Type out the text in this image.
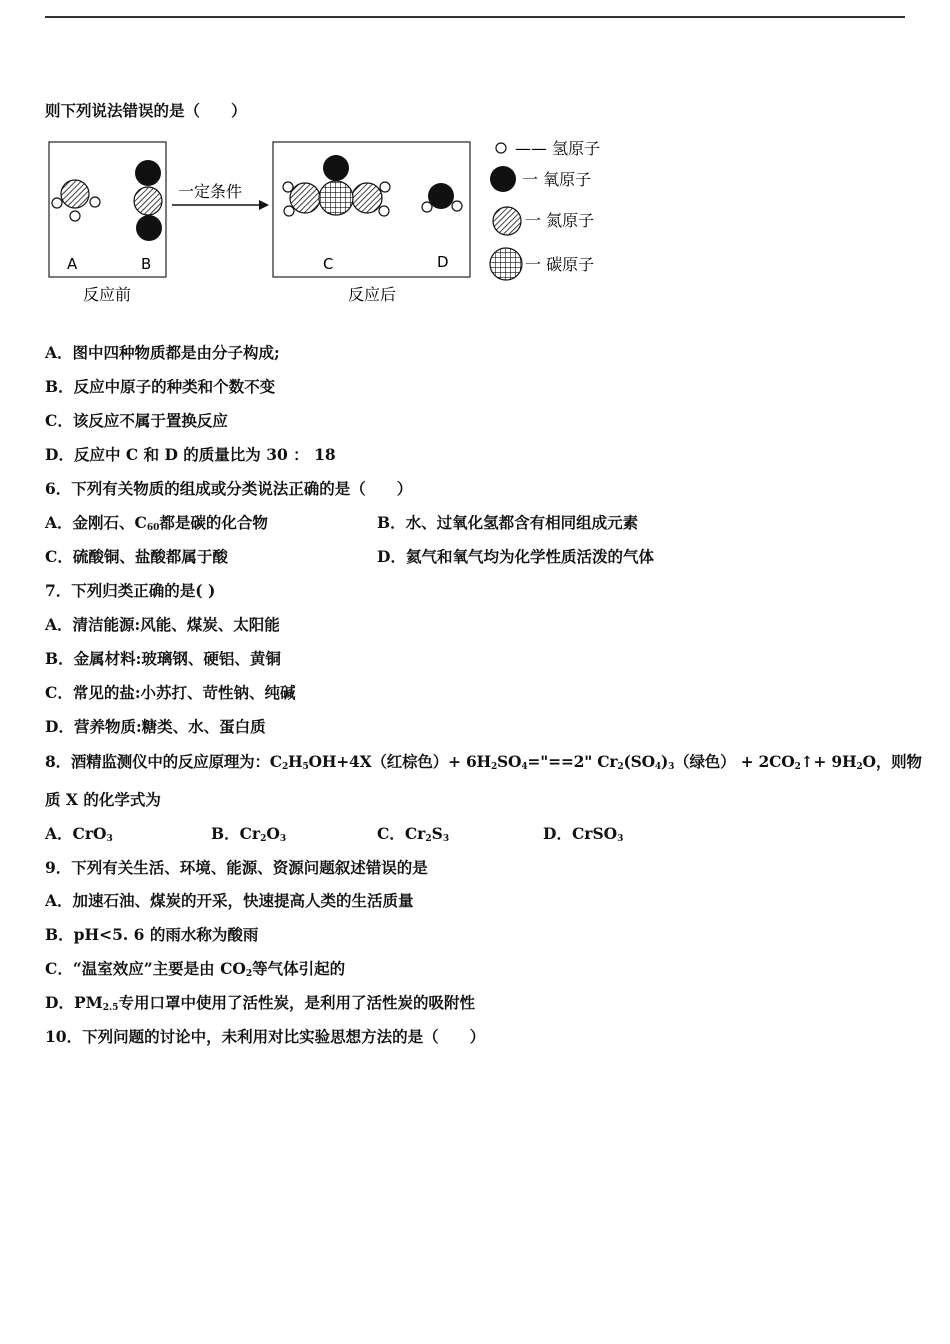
则下列说法错误的是（　　）
A	B
反应前
一定条件
C	D
反应后
—— 氢原子
一 氧原子
一 氮原子
一 碳原子
A．图中四种物质都是由分子构成;
B．反应中原子的种类和个数不变
C．该反应不属于置换反应
D．反应中 C 和 D 的质量比为 30 ： 18
6．下列有关物质的组成或分类说法正确的是（　　）
A．金刚石、$C_{60}$都是碳的化合物	B．水、过氧化氢都含有相同组成元素
C．硫酸铜、盐酸都属于酸	D．氦气和氧气均为化学性质活泼的气体
7．下列归类正确的是( )
A．清洁能源:风能、煤炭、太阳能
B．金属材料:玻璃钢、硬铝、黄铜
C．常见的盐:小苏打、苛性钠、纯碱
D．营养物质:糖类、水、蛋白质
8．酒精监测仪中的反应原理为：$C_2H_5OH+4X$（红棕色）+ $6H_2SO_4="==2$" $Cr_2(SO_4)_3$（绿色） + $2CO_2↑+ 9H_2O$，则物
质 X 的化学式为
A．CrO$_3$	B．$Cr_2O_3$	C．$Cr_2S_3$	D．CrSO$_3$
9．下列有关生活、环境、能源、资源问题叙述错误的是
A．加速石油、煤炭的开采，快速提高人类的生活质量
B．pH<5. 6 的雨水称为酸雨
C．“温室效应”主要是由 $CO_2$等气体引起的
D．$PM_{2.5}$专用口罩中使用了活性炭，是利用了活性炭的吸附性
10．下列问题的讨论中，未利用对比实验思想方法的是（　　）
